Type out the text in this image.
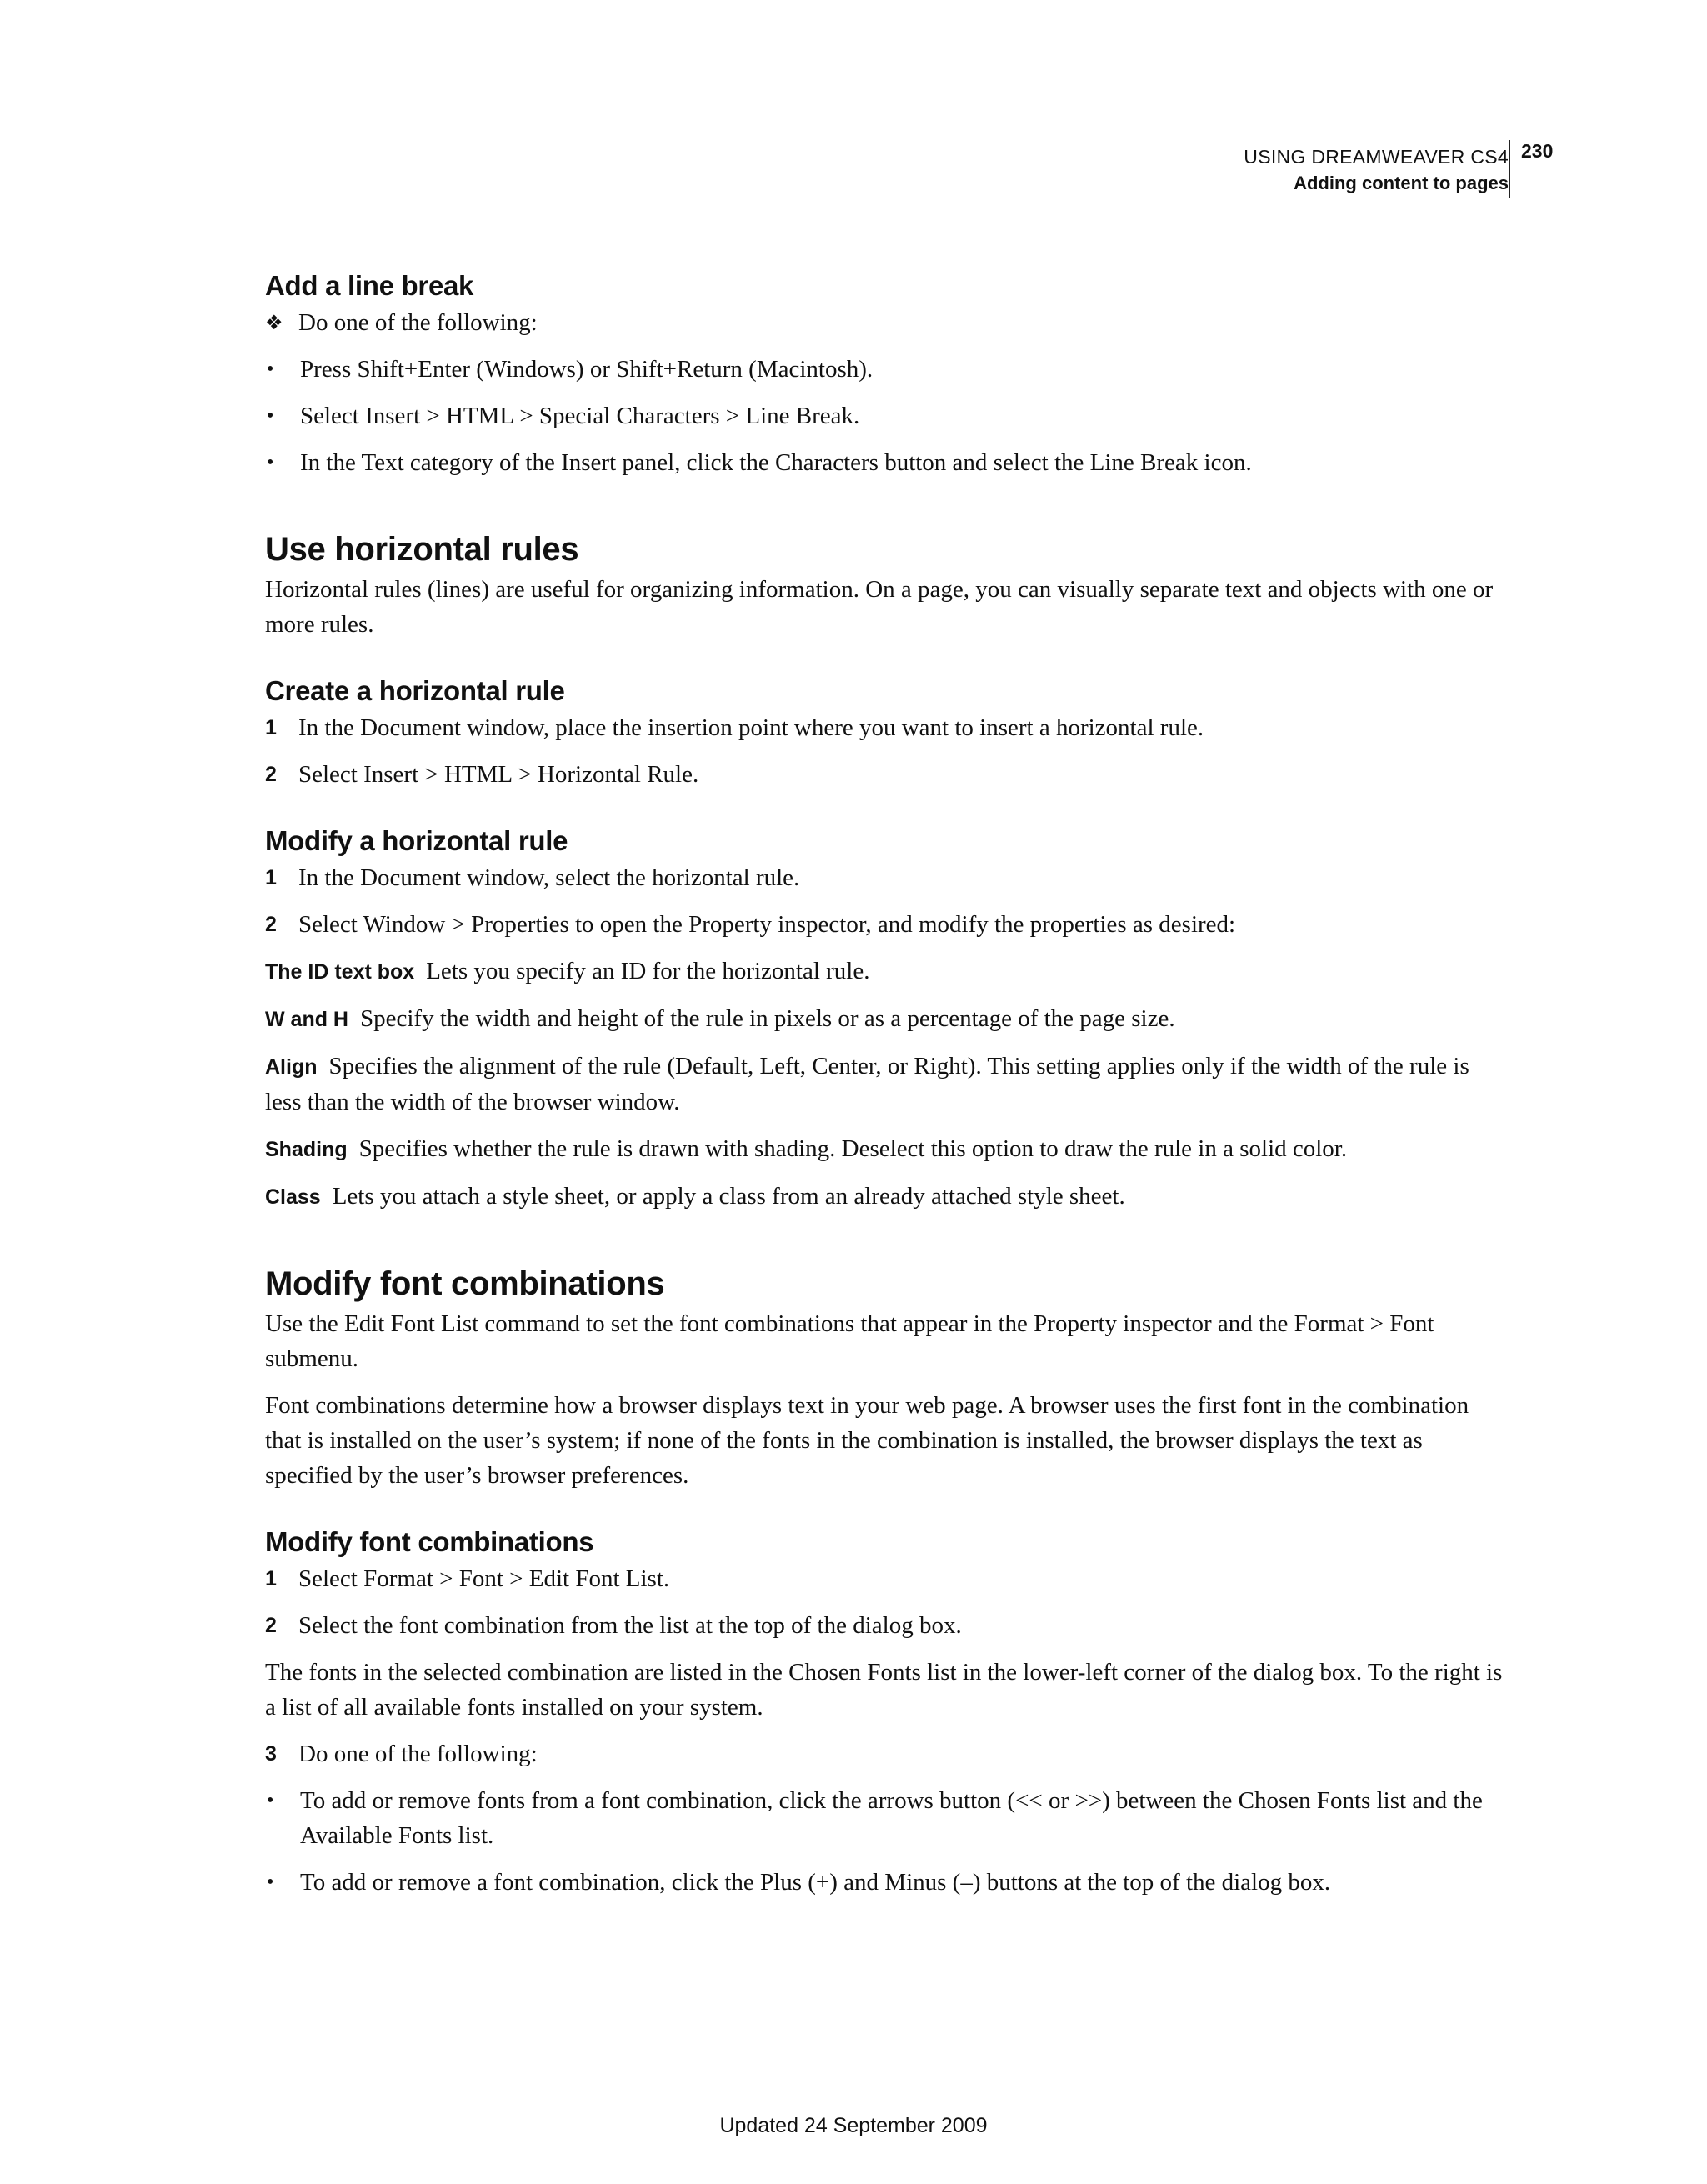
USING DREAMWEAVER CS4
Adding content to pages
230
Add a line break
❖ Do one of the following:
•	Press Shift+Enter (Windows) or Shift+Return (Macintosh).
•	Select Insert > HTML > Special Characters > Line Break.
•	In the Text category of the Insert panel, click the Characters button and select the Line Break icon.
Use horizontal rules
Horizontal rules (lines) are useful for organizing information. On a page, you can visually separate text and objects with one or more rules.
Create a horizontal rule
1 In the Document window, place the insertion point where you want to insert a horizontal rule.
2 Select Insert > HTML > Horizontal Rule.
Modify a horizontal rule
1 In the Document window, select the horizontal rule.
2 Select Window > Properties to open the Property inspector, and modify the properties as desired:
The ID text box Lets you specify an ID for the horizontal rule.
W and H Specify the width and height of the rule in pixels or as a percentage of the page size.
Align Specifies the alignment of the rule (Default, Left, Center, or Right). This setting applies only if the width of the rule is less than the width of the browser window.
Shading Specifies whether the rule is drawn with shading. Deselect this option to draw the rule in a solid color.
Class Lets you attach a style sheet, or apply a class from an already attached style sheet.
Modify font combinations
Use the Edit Font List command to set the font combinations that appear in the Property inspector and the Format > Font submenu.
Font combinations determine how a browser displays text in your web page. A browser uses the first font in the combination that is installed on the user’s system; if none of the fonts in the combination is installed, the browser displays the text as specified by the user’s browser preferences.
Modify font combinations
1 Select Format > Font > Edit Font List.
2 Select the font combination from the list at the top of the dialog box.
The fonts in the selected combination are listed in the Chosen Fonts list in the lower-left corner of the dialog box. To the right is a list of all available fonts installed on your system.
3 Do one of the following:
•	To add or remove fonts from a font combination, click the arrows button (<< or >>) between the Chosen Fonts list and the Available Fonts list.
•	To add or remove a font combination, click the Plus (+) and Minus (–) buttons at the top of the dialog box.
Updated 24 September 2009
